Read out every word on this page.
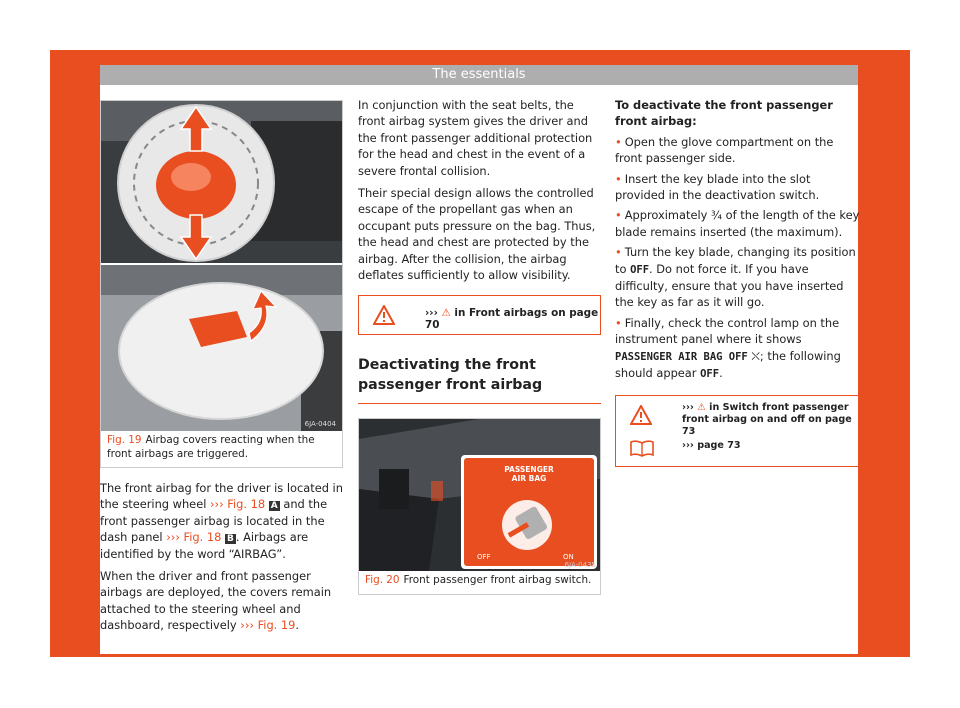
The essentials
6JA-0404
Fig. 19 Airbag covers reacting when the front airbags are triggered.

The front airbag for the driver is located in the steering wheel ››› Fig. 18 A and the front passenger airbag is located in the dash panel ››› Fig. 18 B . Airbags are identified by the word “AIRBAG”.

When the driver and front passenger airbags are deployed, the covers remain attached to the steering wheel and dashboard, respectively ››› Fig. 19.

In conjunction with the seat belts, the front airbag system gives the driver and the front passenger additional protection for the head and chest in the event of a severe frontal collision.

Their special design allows the controlled escape of the propellant gas when an occupant puts pressure on the bag. Thus, the head and chest are protected by the airbag. After the collision, the airbag deflates sufficiently to allow visibility.

››› ⚠ in Front airbags on page 70
Deactivating the front passenger front airbag
PASSENGER
AIR BAG
OFF	ON
6JA-0435
Fig. 20 Front passenger front airbag switch.

To deactivate the front passenger front airbag:

• Open the glove compartment on the front passenger side.

• Insert the key blade into the slot provided in the deactivation switch.

• Approximately ¾ of the length of the key blade remains inserted (the maximum).

• Turn the key blade, changing its position to OFF. Do not force it. If you have difficulty, ensure that you have inserted the key as far as it will go.

• Finally, check the control lamp on the instrument panel where it shows PASSENGER AIR BAG OFF ⛌; the following should appear OFF.

››› ⚠ in Switch front passenger front airbag on and off on page 73
››› page 73
17
